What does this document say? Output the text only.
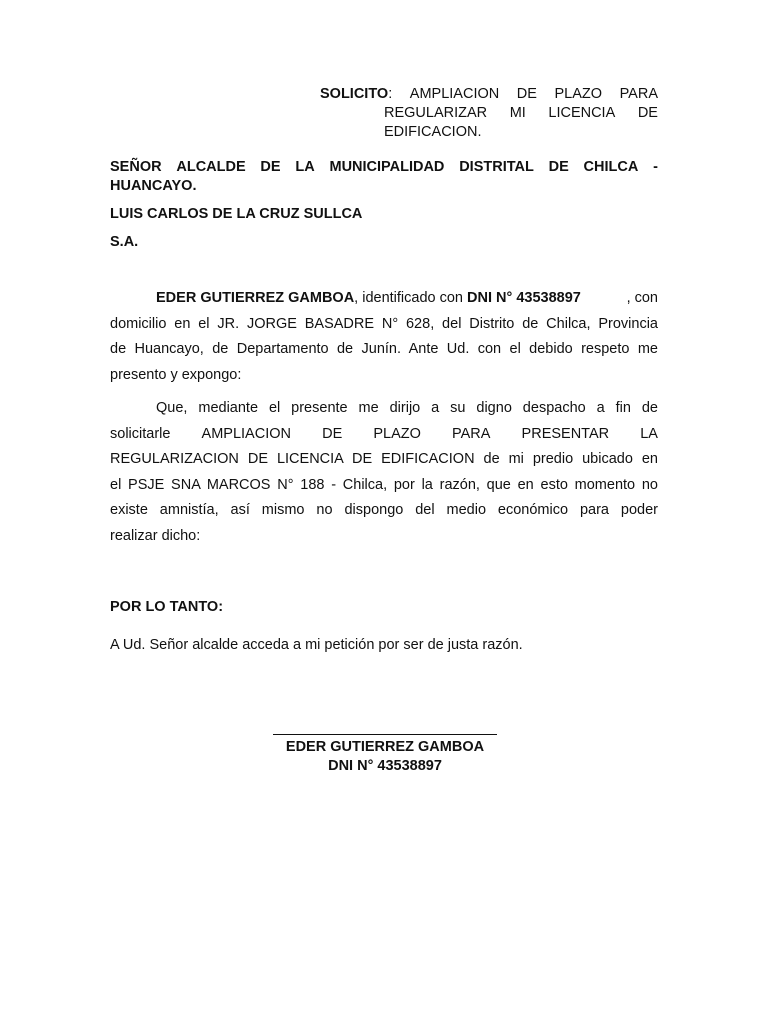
SOLICITO: AMPLIACION DE PLAZO PARA
REGULARIZAR MI LICENCIA DE
EDIFICACION.
SEÑOR ALCALDE DE LA MUNICIPALIDAD DISTRITAL DE CHILCA -
HUANCAYO.
LUIS CARLOS DE LA CRUZ SULLCA
S.A.
EDER GUTIERREZ GAMBOA, identificado con DNI N° 43538897	, con
domicilio en el JR. JORGE BASADRE N° 628, del Distrito de Chilca, Provincia
de Huancayo, de Departamento de Junín. Ante Ud. con el debido respeto me
presento y expongo:
Que, mediante el presente me dirijo a su digno despacho a fin de
solicitarle AMPLIACION DE PLAZO PARA PRESENTAR LA
REGULARIZACION DE LICENCIA DE EDIFICACION de mi predio ubicado en
el PSJE SNA MARCOS N° 188 - Chilca, por la razón, que en esto momento no
existe amnistía, así mismo no dispongo del medio económico para poder
realizar dicho:
POR LO TANTO:
A Ud. Señor alcalde acceda a mi petición por ser de justa razón.
EDER GUTIERREZ GAMBOA
DNI N° 43538897
